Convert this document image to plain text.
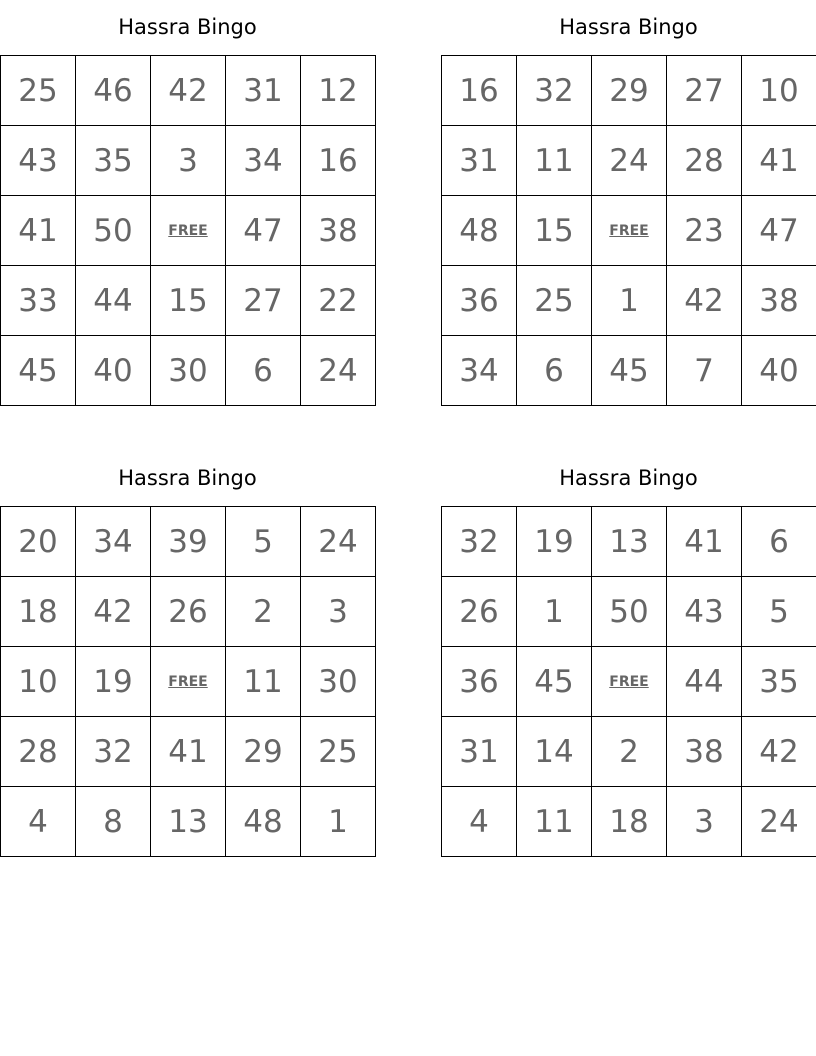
Hassra Bingo
25	46	42	31	12
43	35	3	34	16
41	50	FREE	47	38
33	44	15	27	22
45	40	30	6	24
Hassra Bingo
16	32	29	27	10
31	11	24	28	41
48	15	FREE	23	47
36	25	1	42	38
34	6	45	7	40
Hassra Bingo
20	34	39	5	24
18	42	26	2	3
10	19	FREE	11	30
28	32	41	29	25
4	8	13	48	1
Hassra Bingo
32	19	13	41	6
26	1	50	43	5
36	45	FREE	44	35
31	14	2	38	42
4	11	18	3	24
